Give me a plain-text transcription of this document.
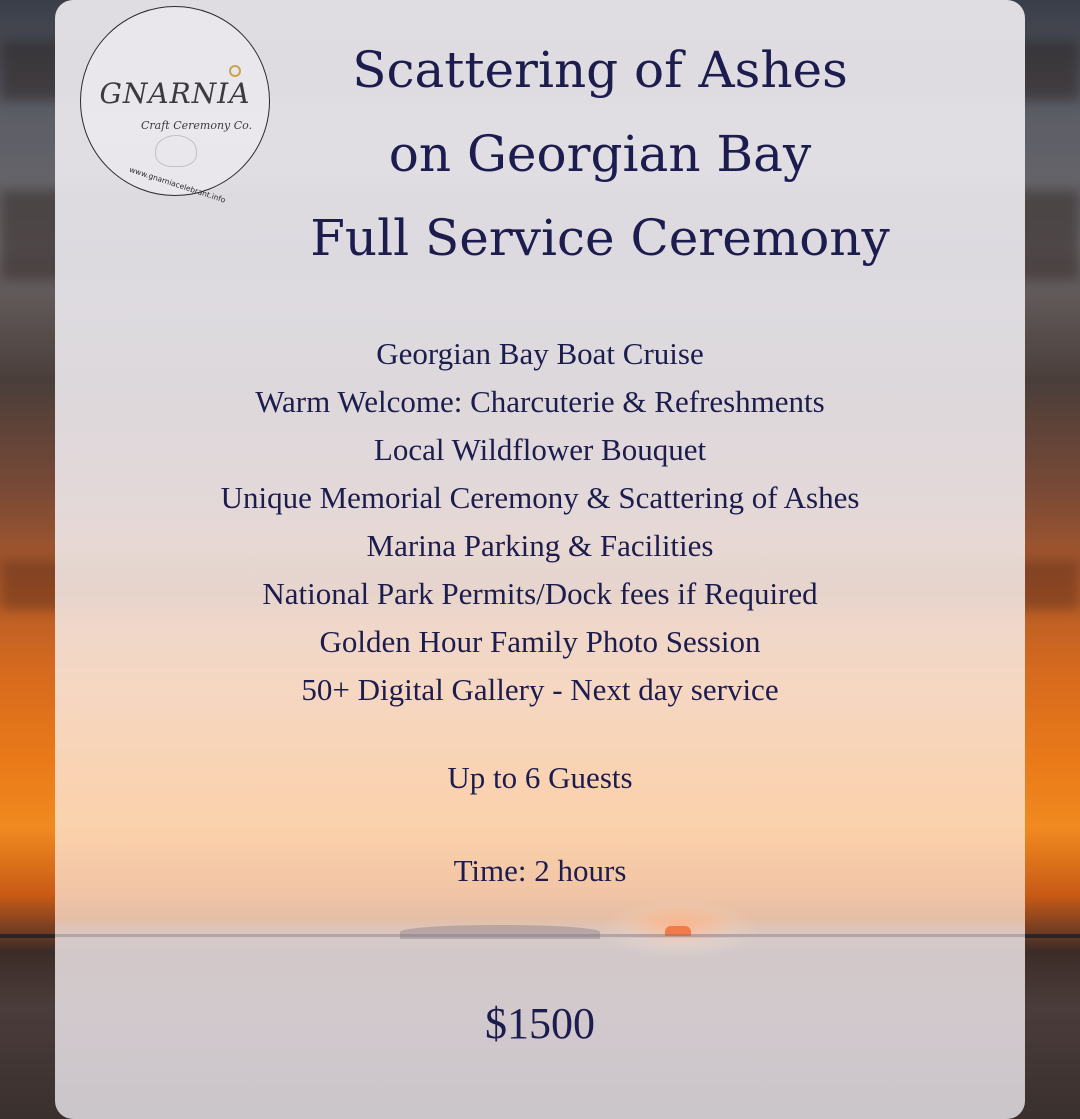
GNARNIA
Craft Ceremony Co.
www.gnarniacelebrant.info
Scattering of Ashes
on Georgian Bay
Full Service Ceremony
Georgian Bay Boat Cruise
Warm Welcome: Charcuterie & Refreshments
Local Wildflower Bouquet
Unique Memorial Ceremony & Scattering of Ashes
Marina Parking & Facilities
National Park Permits/Dock fees if Required
Golden Hour Family Photo Session
50+ Digital Gallery - Next day service
Up to 6 Guests
Time: 2 hours
$1500
